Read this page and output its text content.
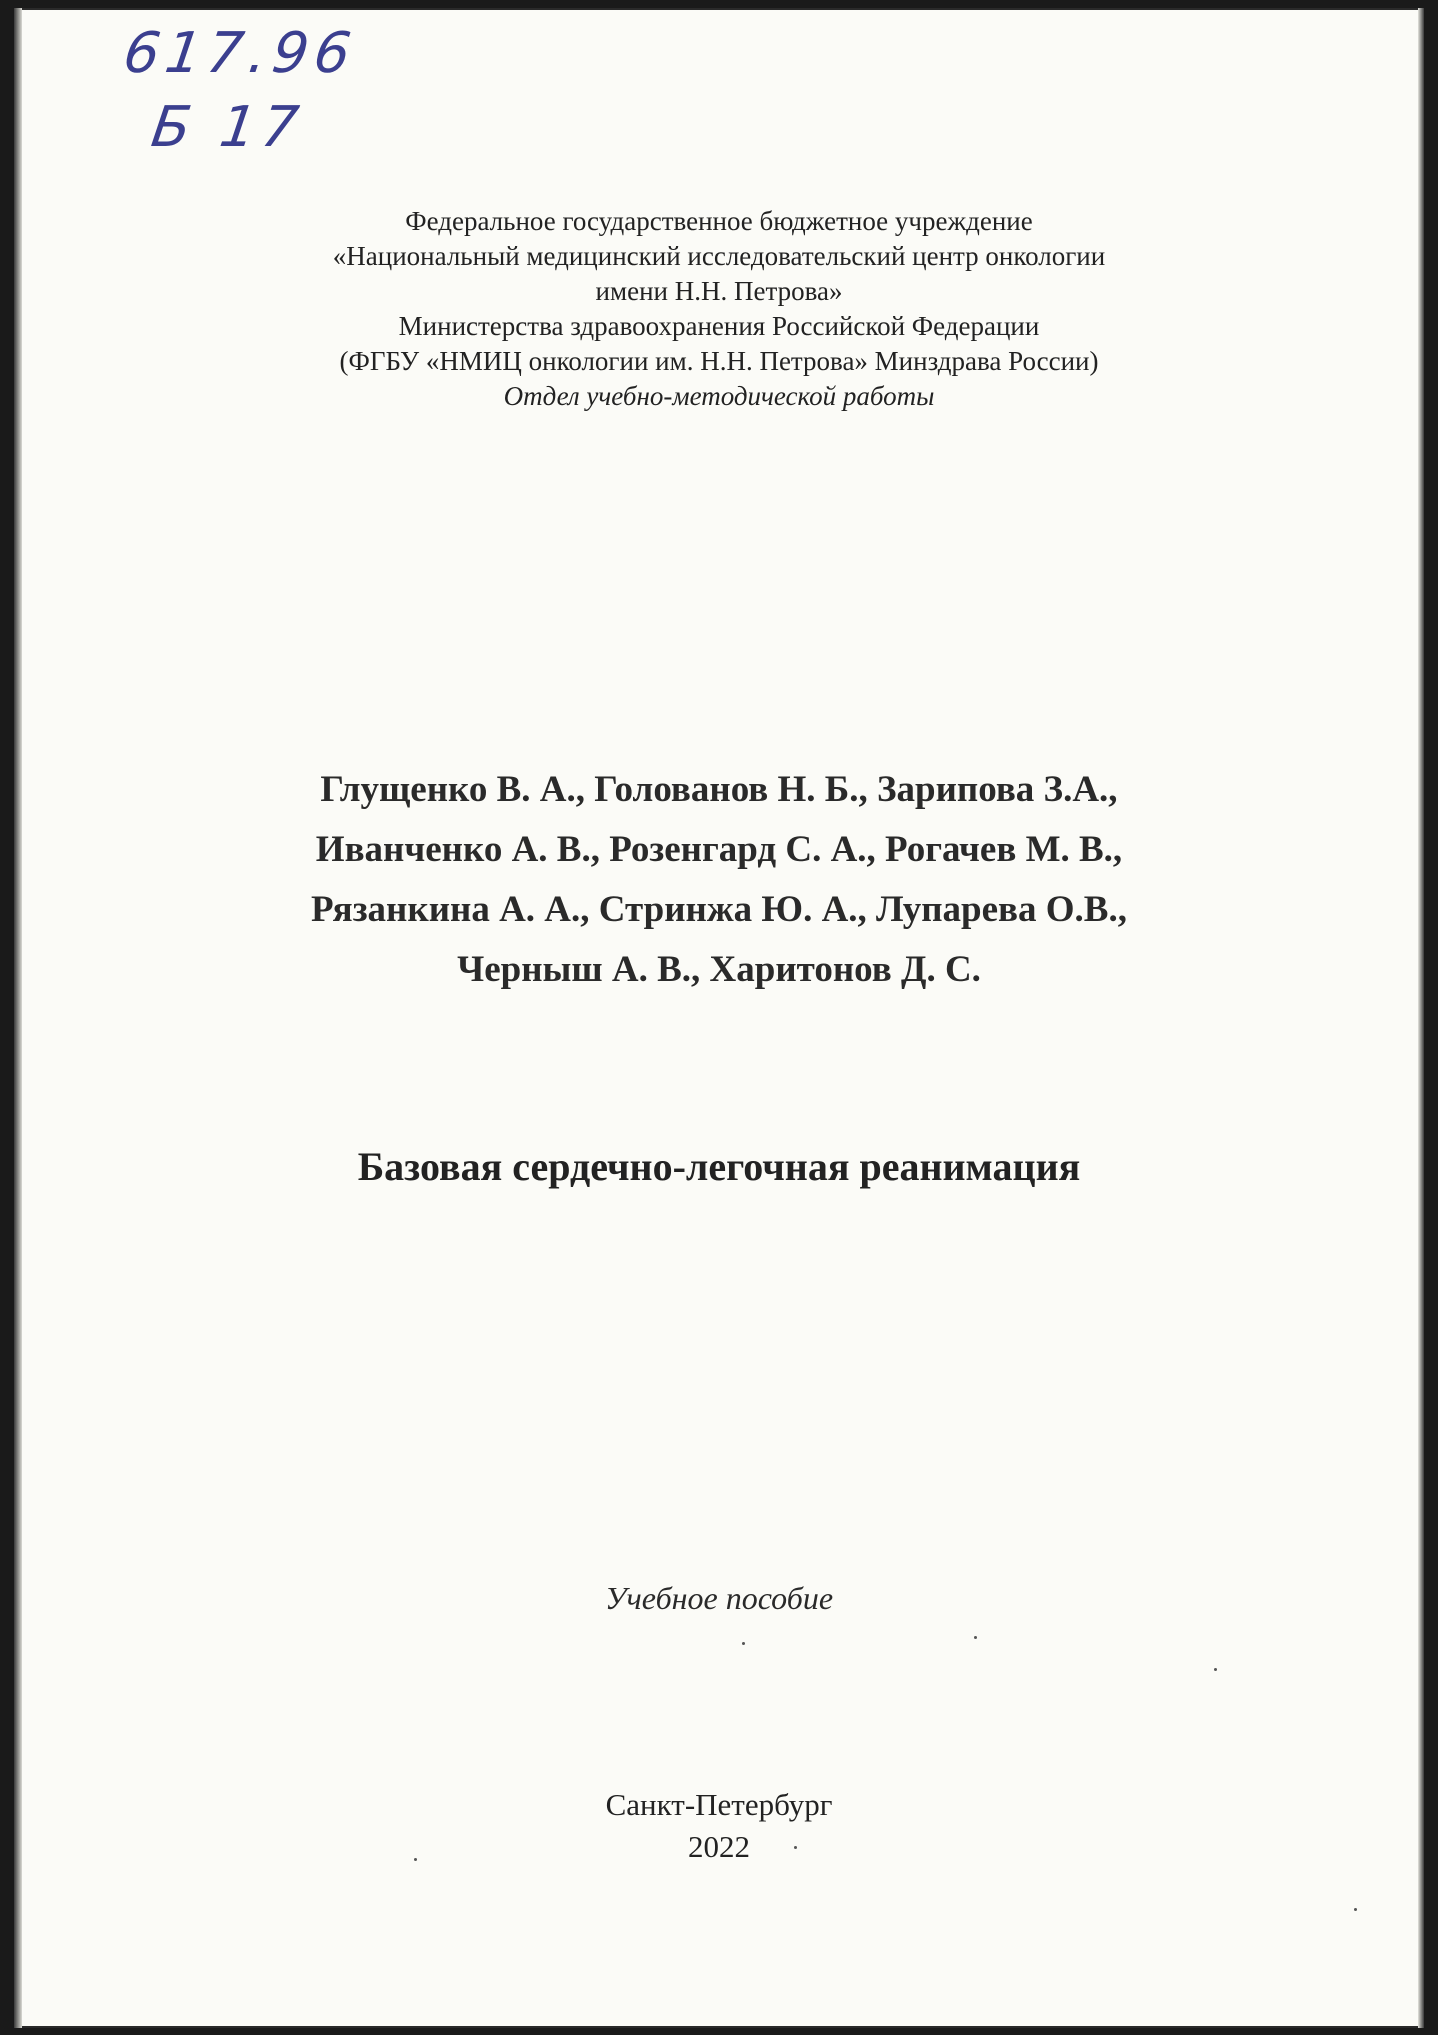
617.96
Б 17
Федеральное государственное бюджетное учреждение
«Национальный медицинский исследовательский центр онкологии
имени Н.Н. Петрова»
Министерства здравоохранения Российской Федерации
(ФГБУ «НМИЦ онкологии им. Н.Н. Петрова» Минздрава России)
Отдел учебно-методической работы
Глущенко В. А., Голованов Н. Б., Зарипова З.А.,
Иванченко А. В., Розенгард С. А., Рогачев М. В.,
Рязанкина А. А., Стринжа Ю. А., Лупарева О.В.,
Черныш А. В., Харитонов Д. С.
Базовая сердечно-легочная реанимация
Учебное пособие
Санкт-Петербург
2022
